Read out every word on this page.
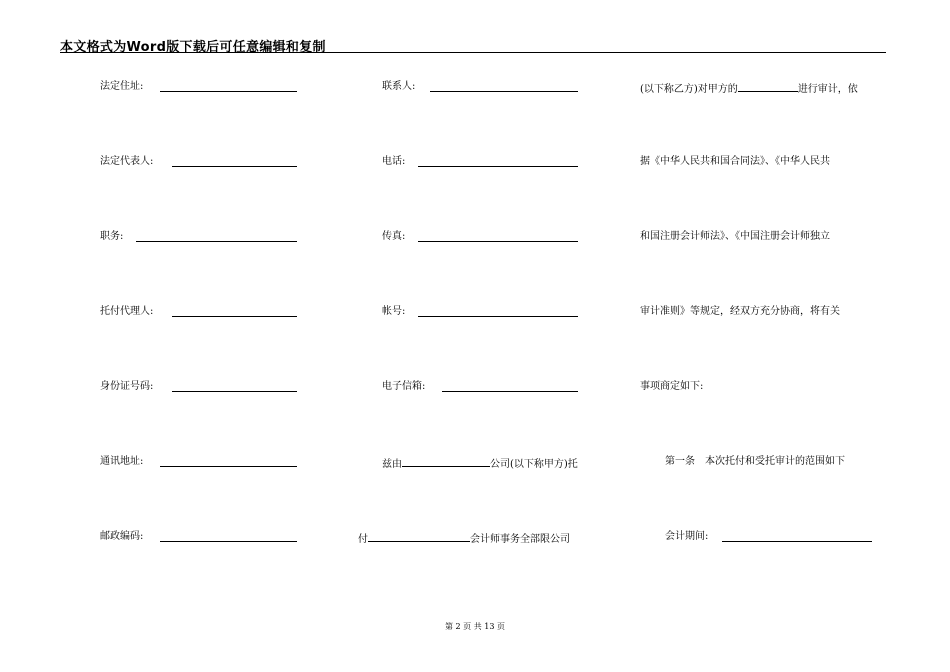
本文格式为Word版下载后可任意编辑和复制
法定住址:
法定代表人:
职务:
托付代理人:
身份证号码:
通讯地址:
邮政编码:
联系人:
电话:
传真:
帐号:
电子信箱:
兹由	公司(以下称甲方)托
付	会计师事务全部限公司
(以下称乙方)对甲方的	进行审计，依
据《中华人民共和国合同法》、《中华人民共
和国注册会计师法》、《中国注册会计师独立
审计准则》等规定，经双方充分协商，将有关
事项商定如下:
第一条　本次托付和受托审计的范围如下
会计期间:
第 2 页 共 13 页
